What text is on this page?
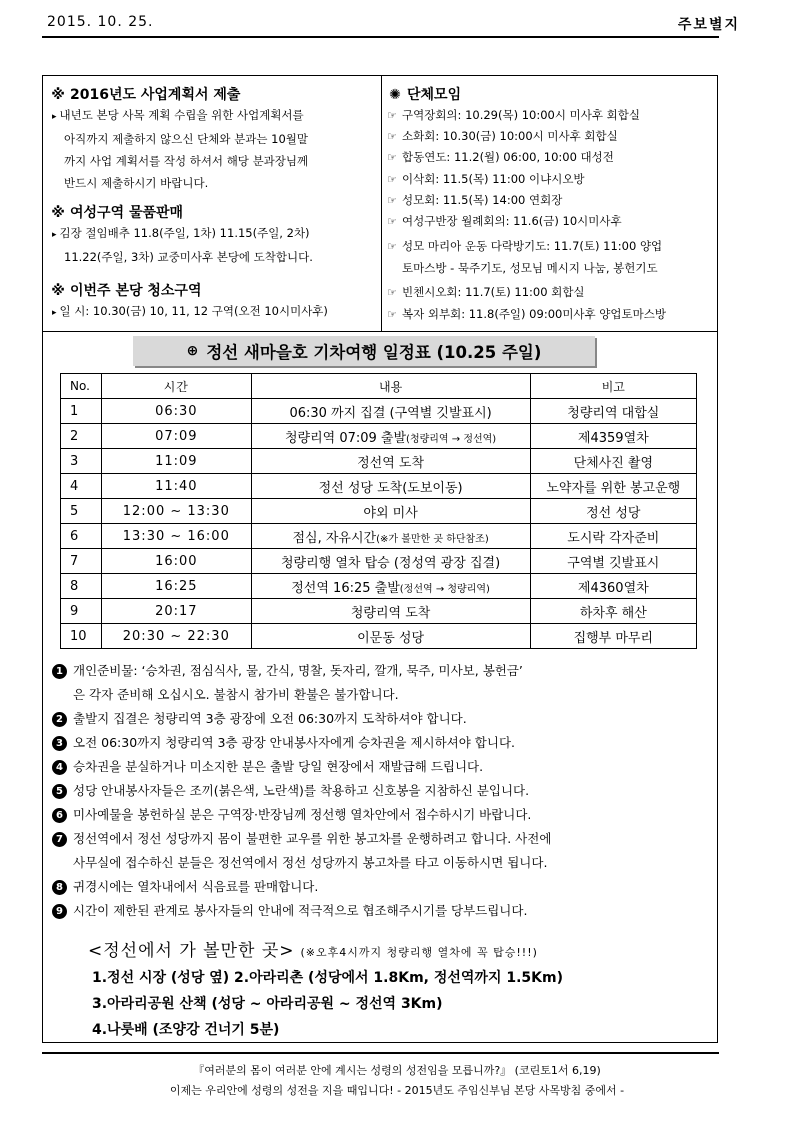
2015. 10. 25.	주보별지
※ 2016년도 사업계획서 제출
▸ 내년도 본당 사목 계획 수립을 위한 사업계획서를
아직까지 제출하지 않으신 단체와 분과는 10월말
까지 사업 계획서를 작성 하셔서 해당 분과장님께
반드시 제출하시기 바랍니다.
※ 여성구역 물품판매
▸ 김장 절임배추 11.8(주일, 1차) 11.15(주일, 2차)
11.22(주일, 3차) 교중미사후 본당에 도착합니다.
※ 이번주 본당 청소구역
▸ 일 시: 10.30(금) 10, 11, 12 구역(오전 10시미사후)
✺ 단체모임
☞ 구역장회의: 10.29(목) 10:00시 미사후 회합실
☞ 소화회: 10.30(금) 10:00시 미사후 회합실
☞ 합동연도: 11.2(월) 06:00, 10:00 대성전
☞ 이삭회: 11.5(목) 11:00 이냐시오방
☞ 성모회: 11.5(목) 14:00 연회장
☞ 여성구반장 월례회의: 11.6(금) 10시미사후
☞ 성모 마리아 운동 다락방기도: 11.7(토) 11:00 양업
토마스방 - 묵주기도, 성모님 메시지 나눔, 봉헌기도
☞ 빈첸시오회: 11.7(토) 11:00 회합실
☞ 복자 외부회: 11.8(주일) 09:00미사후 양업토마스방
⊕ 정선 새마을호 기차여행 일정표 (10.25 주일)
No.	시간	내용	비고
1	06:30	06:30 까지 집결 (구역별 깃발표시)	청량리역 대합실
2	07:09	청량리역 07:09 출발(청량리역 → 정선역)	제4359열차
3	11:09	정선역 도착	단체사진 촬영
4	11:40	정선 성당 도착(도보이동)	노약자를 위한 봉고운행
5	12:00 ~ 13:30	야외 미사	정선 성당
6	13:30 ~ 16:00	점심, 자유시간(※가 볼만한 곳 하단참조)	도시락 각자준비
7	16:00	청량리행 열차 탑승 (정성역 광장 집결)	구역별 깃발표시
8	16:25	정선역 16:25 출발(정선역 → 청량리역)	제4360열차
9	20:17	청량리역 도착	하차후 해산
10	20:30 ~ 22:30	이문동 성당	집행부 마무리
1 개인준비물: ‘승차권, 점심식사, 물, 간식, 명찰, 돗자리, 깔개, 묵주, 미사보, 봉헌금’
은 각자 준비해 오십시오. 불참시 참가비 환불은 불가합니다.
2 출발지 집결은 청량리역 3층 광장에 오전 06:30까지 도착하셔야 합니다.
3 오전 06:30까지 청량리역 3층 광장 안내봉사자에게 승차권을 제시하셔야 합니다.
4 승차권을 분실하거나 미소지한 분은 출발 당일 현장에서 재발급해 드립니다.
5 성당 안내봉사자들은 조끼(붉은색, 노란색)를 착용하고 신호봉을 지참하신 분입니다.
6 미사예물을 봉헌하실 분은 구역장·반장님께 정선행 열차안에서 접수하시기 바랍니다.
7 정선역에서 정선 성당까지 몸이 불편한 교우를 위한 봉고차를 운행하려고 합니다. 사전에
사무실에 접수하신 분들은 정선역에서 정선 성당까지 봉고차를 타고 이동하시면 됩니다.
8 귀경시에는 열차내에서 식음료를 판매합니다.
9 시간이 제한된 관계로 봉사자들의 안내에 적극적으로 협조해주시기를 당부드립니다.
<정선에서 가 볼만한 곳> (※오후4시까지 청량리행 열차에 꼭 탑승!!!)
1.정선 시장 (성당 옆) 2.아라리촌 (성당에서 1.8Km, 정선역까지 1.5Km)
3.아라리공원 산책 (성당 ~ 아라리공원 ~ 정선역 3Km)
4.나룻배 (조양강 건너기 5분)
『여러분의 몸이 여러분 안에 계시는 성령의 성전임을 모릅니까?』 (코린토1서 6,19)
이제는 우리안에 성령의 성전을 지을 때입니다! - 2015년도 주임신부님 본당 사목방침 중에서 -
